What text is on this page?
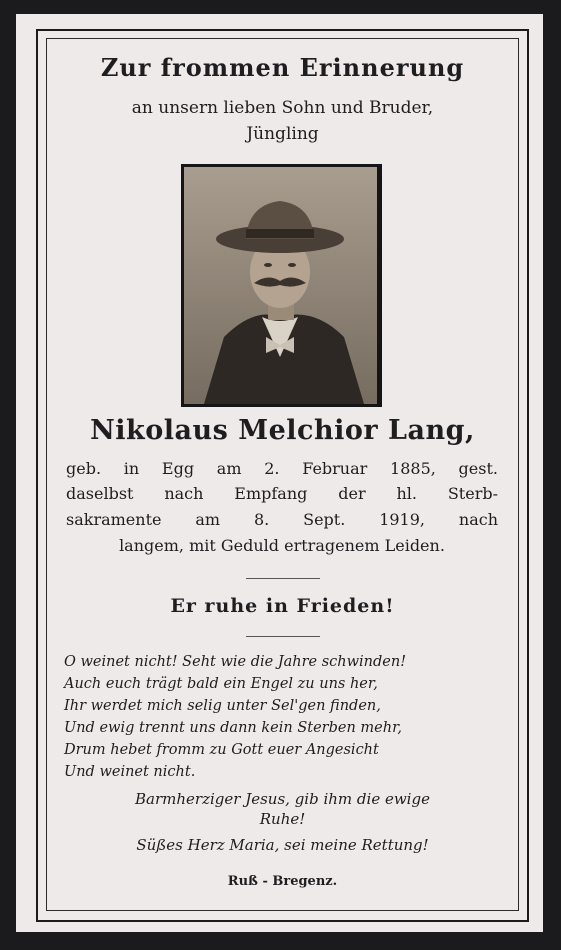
Zur frommen Erinnerung
an unsern lieben Sohn und Bruder,
Jüngling
Nikolaus Melchior Lang,
geb. in Egg am 2. Februar 1885, gest.
daselbst nach Empfang der hl. Sterb-
sakramente am 8. Sept. 1919, nach
langem, mit Geduld ertragenem Leiden.
Er ruhe in Frieden!
O weinet nicht! Seht wie die Jahre schwinden!
Auch euch trägt bald ein Engel zu uns her,
Ihr werdet mich selig unter Sel'gen finden,
Und ewig trennt uns dann kein Sterben mehr,
Drum hebet fromm zu Gott euer Angesicht
Und weinet nicht.
Barmherziger Jesus, gib ihm die ewige
Ruhe!
Süßes Herz Maria, sei meine Rettung!
Ruß - Bregenz.
